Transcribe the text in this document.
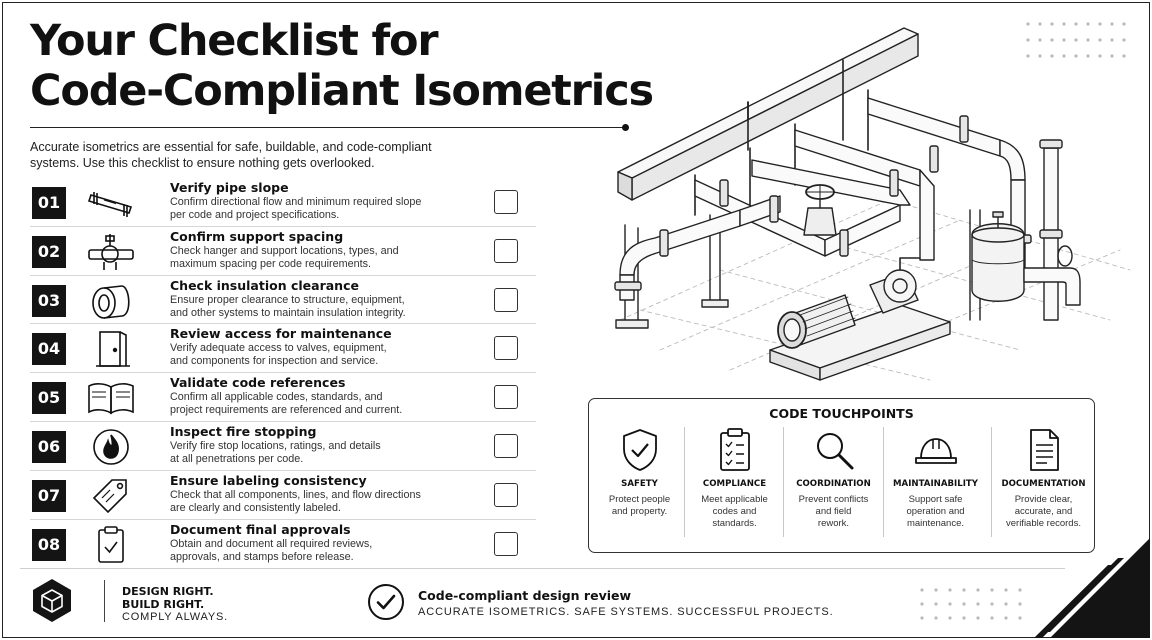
Your Checklist for
Code-Compliant Isometrics
Accurate isometrics are essential for safe, buildable, and code-compliant
systems. Use this checklist to ensure nothing gets overlooked.
01
Verify pipe slope
Confirm directional flow and minimum required slope
per code and project specifications.
02
Confirm support spacing
Check hanger and support locations, types, and
maximum spacing per code requirements.
03
Check insulation clearance
Ensure proper clearance to structure, equipment,
and other systems to maintain insulation integrity.
04
Review access for maintenance
Verify adequate access to valves, equipment,
and components for inspection and service.
05
Validate code references
Confirm all applicable codes, standards, and
project requirements are referenced and current.
06
Inspect fire stopping
Verify fire stop locations, ratings, and details
at all penetrations per code.
07
Ensure labeling consistency
Check that all components, lines, and flow directions
are clearly and consistently labeled.
08
Document final approvals
Obtain and document all required reviews,
approvals, and stamps before release.
CODE TOUCHPOINTS
SAFETY
Protect people
and property.
COMPLIANCE
Meet applicable
codes and
standards.
COORDINATION
Prevent conflicts
and field
rework.
MAINTAINABILITY
Support safe
operation and
maintenance.
DOCUMENTATION
Provide clear,
accurate, and
verifiable records.
DESIGN RIGHT.
BUILD RIGHT.
COMPLY ALWAYS.
Code-compliant design review
ACCURATE ISOMETRICS. SAFE SYSTEMS. SUCCESSFUL PROJECTS.
